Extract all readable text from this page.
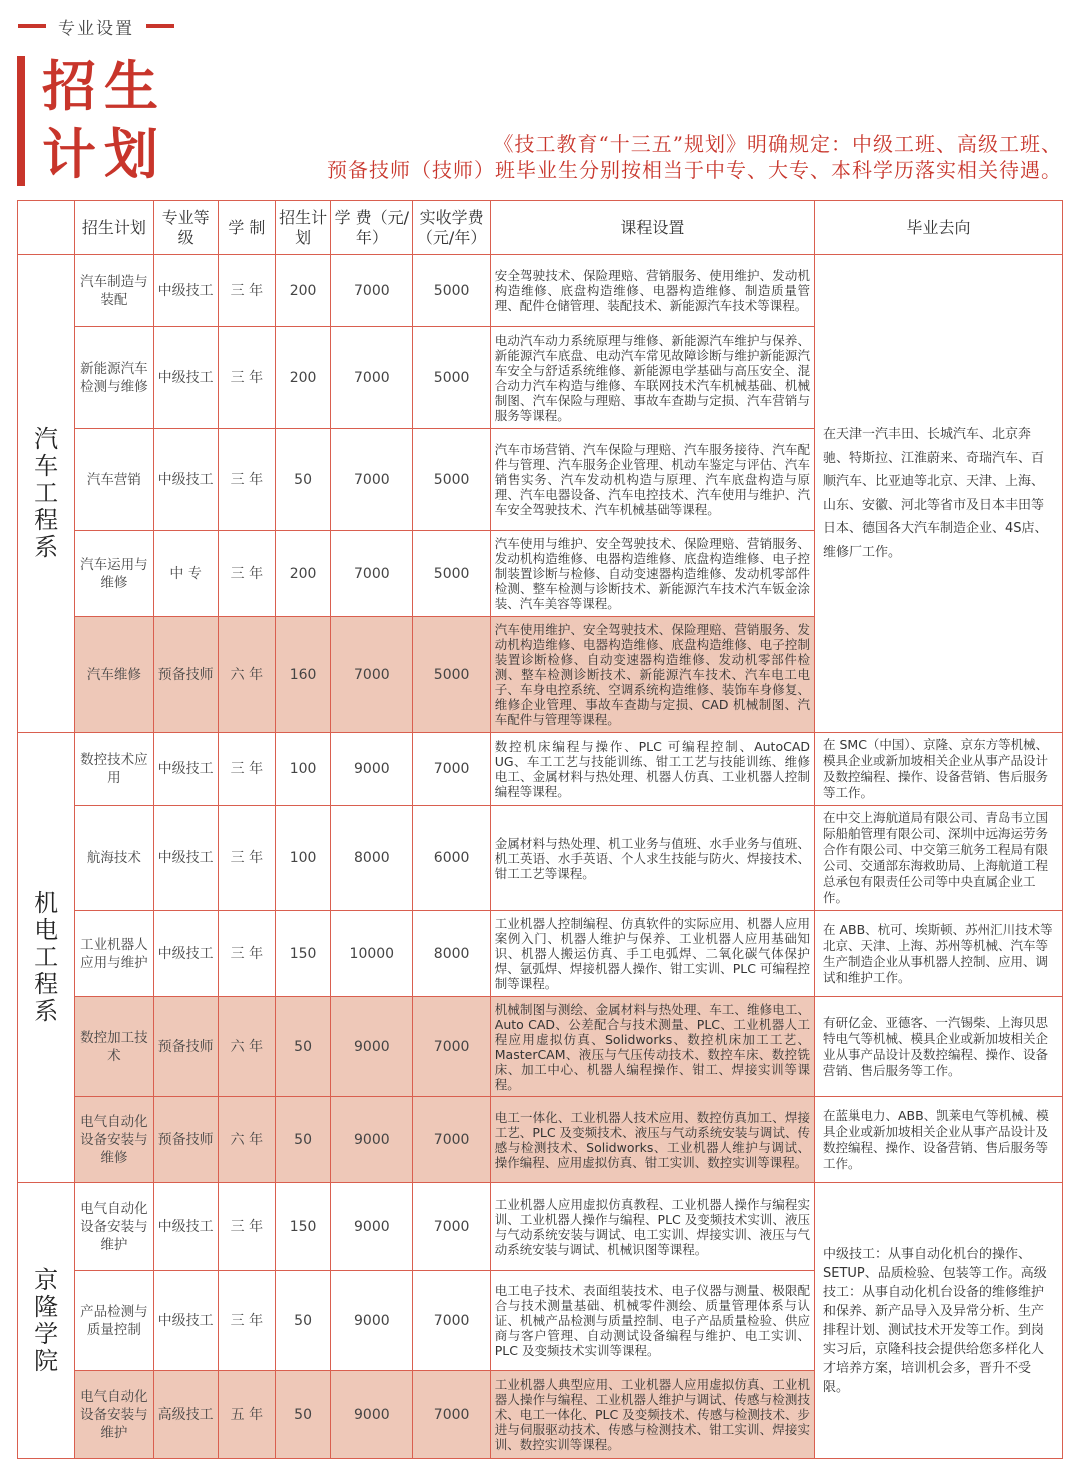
专业设置
招生
计划	《技工教育“十三五”规划》明确规定：中级工班、高级工班、
预备技师（技师）班毕业生分别按相当于中专、大专、本科学历落实相关待遇。
	招生计划	专业等级	学 制	招生计划	学 费（元/年）	实收学费（元/年）	课程设置	毕业去向
汽车工程系	汽车制造与装配	中级技工	三 年	200	7000	5000	安全驾驶技术、保险理赔、营销服务、使用维护、发动机构造维修、底盘构造维修、电器构造维修、制造质量管理、配件仓储管理、装配技术、新能源汽车技术等课程。	在天津一汽丰田、长城汽车、北京奔驰、特斯拉、江淮蔚来、奇瑞汽车、百顺汽车、比亚迪等北京、天津、上海、山东、安徽、河北等省市及日本丰田等日本、德国各大汽车制造企业、4S店、维修厂工作。
	新能源汽车检测与维修	中级技工	三 年	200	7000	5000	电动汽车动力系统原理与维修、新能源汽车维护与保养、新能源汽车底盘、电动汽车常见故障诊断与维护新能源汽车安全与舒适系统维修、新能源电学基础与高压安全、混合动力汽车构造与维修、车联网技术汽车机械基础、机械制图、汽车保险与理赔、事故车查勘与定损、汽车营销与服务等课程。	
	汽车营销	中级技工	三 年	50	7000	5000	汽车市场营销、汽车保险与理赔、汽车服务接待、汽车配件与管理、汽车服务企业管理、机动车鉴定与评估、汽车销售实务、汽车发动机构造与原理、汽车底盘构造与原理、汽车电器设备、汽车电控技术、汽车使用与维护、汽车安全驾驶技术、汽车机械基础等课程。	
	汽车运用与维修	中 专	三 年	200	7000	5000	汽车使用与维护、安全驾驶技术、保险理赔、营销服务、发动机构造维修、电器构造维修、底盘构造维修、电子控制装置诊断与检修、自动变速器构造维修、发动机零部件检测、整车检测与诊断技术、新能源汽车技术汽车钣金涂装、汽车美容等课程。	
	汽车维修	预备技师	六 年	160	7000	5000	汽车使用维护、安全驾驶技术、保险理赔、营销服务、发动机构造维修、电器构造维修、底盘构造维修、电子控制装置诊断检修、自动变速器构造维修、发动机零部件检测、整车检测诊断技术、新能源汽车技术、汽车电工电子、车身电控系统、空调系统构造维修、装饰车身修复、维修企业管理、事故车查勘与定损、CAD 机械制图、汽车配件与管理等课程。	
机电工程系	数控技术应用	中级技工	三 年	100	9000	7000	数控机床编程与操作、PLC 可编程控制、AutoCAD UG、车工工艺与技能训练、钳工工艺与技能训练、维修电工、金属材料与热处理、机器人仿真、工业机器人控制编程等课程。	在 SMC（中国）、京隆、京东方等机械、模具企业或新加坡相关企业从事产品设计及数控编程、操作、设备营销、售后服务等工作。
	航海技术	中级技工	三 年	100	8000	6000	金属材料与热处理、机工业务与值班、水手业务与值班、机工英语、水手英语、个人求生技能与防火、焊接技术、钳工工艺等课程。	在中交上海航道局有限公司、青岛韦立国际船舶管理有限公司、深圳中远海运劳务合作有限公司、中交第三航务工程局有限公司、交通部东海救助局、上海航道工程总承包有限责任公司等中央直属企业工作。
	工业机器人应用与维护	中级技工	三 年	150	10000	8000	工业机器人控制编程、仿真软件的实际应用、机器人应用案例入门、机器人维护与保养、工业机器人应用基础知识、机器人搬运仿真、手工电弧焊、二氧化碳气体保护焊、氩弧焊、焊接机器人操作、钳工实训、PLC 可编程控制等课程。	在 ABB、杭可、埃斯顿、苏州汇川技术等北京、天津、上海、苏州等机械、汽车等生产制造企业从事机器人控制、应用、调试和维护工作。
	数控加工技术	预备技师	六 年	50	9000	7000	机械制图与测绘、金属材料与热处理、车工、维修电工、Auto CAD、公差配合与技术测量、PLC、工业机器人工程应用虚拟仿真、Solidworks、数控机床加工工艺、MasterCAM、液压与气压传动技术、数控车床、数控铣床、加工中心、机器人编程操作、钳工、焊接实训等课程。	有研亿金、亚德客、一汽锡柴、上海贝思特电气等机械、模具企业或新加坡相关企业从事产品设计及数控编程、操作、设备营销、售后服务等工作。
	电气自动化设备安装与维修	预备技师	六 年	50	9000	7000	电工一体化、工业机器人技术应用、数控仿真加工、焊接工艺、PLC 及变频技术、液压与气动系统安装与调试、传感与检测技术、Solidworks、工业机器人维护与调试、操作编程、应用虚拟仿真、钳工实训、数控实训等课程。	在蓝巢电力、ABB、凯莱电气等机械、模具企业或新加坡相关企业从事产品设计及数控编程、操作、设备营销、售后服务等工作。
京隆学院	电气自动化设备安装与维护	中级技工	三 年	150	9000	7000	工业机器人应用虚拟仿真教程、工业机器人操作与编程实训、工业机器人操作与编程、PLC 及变频技术实训、液压与气动系统安装与调试、电工实训、焊接实训、液压与气动系统安装与调试、机械识图等课程。	中级技工：从事自动化机台的操作、SETUP、品质检验、包装等工作。高级技工：从事自动化机台设备的维修维护和保养、新产品导入及异常分析、生产排程计划、测试技术开发等工作。到岗实习后，京隆科技会提供给您多样化人才培养方案，培训机会多，晋升不受限。
	产品检测与质量控制	中级技工	三 年	50	9000	7000	电工电子技术、表面组装技术、电子仪器与测量、极限配合与技术测量基础、机械零件测绘、质量管理体系与认证、机械产品检测与质量控制、电子产品质量检验、供应商与客户管理、自动测试设备编程与维护、电工实训、PLC 及变频技术实训等课程。	
	电气自动化设备安装与维护	高级技工	五 年	50	9000	7000	工业机器人典型应用、工业机器人应用虚拟仿真、工业机器人操作与编程、工业机器人维护与调试、传感与检测技术、电工一体化、PLC 及变频技术、传感与检测技术、步进与伺服驱动技术、传感与检测技术、钳工实训、焊接实训、数控实训等课程。	
